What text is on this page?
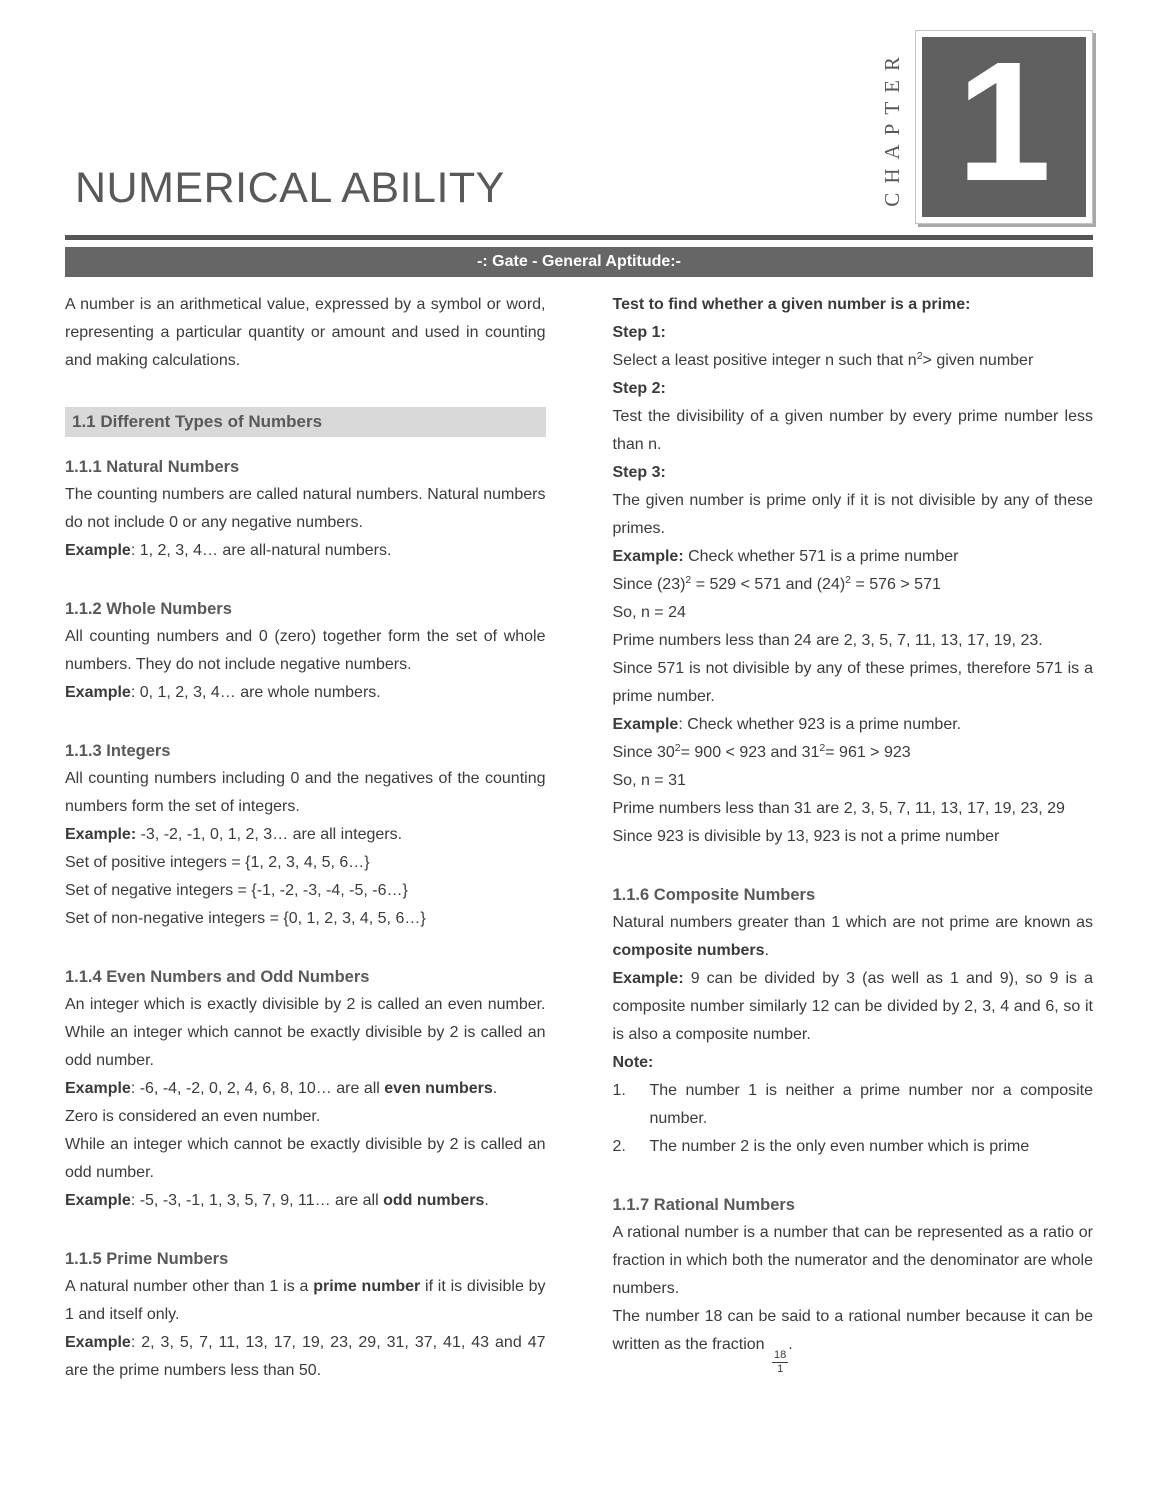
NUMERICAL ABILITY	CHAPTER 1
-: Gate - General Aptitude:-

A number is an arithmetical value, expressed by a symbol or word, representing a particular quantity or amount and used in counting and making calculations.

1.1 Different Types of Numbers
1.1.1 Natural Numbers

The counting numbers are called natural numbers. Natural numbers do not include 0 or any negative numbers.

Example: 1, 2, 3, 4… are all-natural numbers.

1.1.2 Whole Numbers

All counting numbers and 0 (zero) together form the set of whole numbers. They do not include negative numbers.

Example: 0, 1, 2, 3, 4… are whole numbers.

1.1.3 Integers

All counting numbers including 0 and the negatives of the counting numbers form the set of integers.

Example: -3, -2, -1, 0, 1, 2, 3… are all integers.

Set of positive integers = {1, 2, 3, 4, 5, 6…}

Set of negative integers = {-1, -2, -3, -4, -5, -6…}

Set of non-negative integers = {0, 1, 2, 3, 4, 5, 6…}

1.1.4 Even Numbers and Odd Numbers

An integer which is exactly divisible by 2 is called an even number. While an integer which cannot be exactly divisible by 2 is called an odd number.

Example: -6, -4, -2, 0, 2, 4, 6, 8, 10… are all even numbers.

Zero is considered an even number.

While an integer which cannot be exactly divisible by 2 is called an odd number.

Example: -5, -3, -1, 1, 3, 5, 7, 9, 11… are all odd numbers.

1.1.5 Prime Numbers

A natural number other than 1 is a prime number if it is divisible by 1 and itself only.

Example: 2, 3, 5, 7, 11, 13, 17, 19, 23, 29, 31, 37, 41, 43 and 47 are the prime numbers less than 50.

Test to find whether a given number is a prime:

Step 1:

Select a least positive integer n such that $n^2>$ given number

Step 2:

Test the divisibility of a given number by every prime number less than n.

Step 3:

The given number is prime only if it is not divisible by any of these primes.

Example: Check whether 571 is a prime number

Since $(23)^2 = 529 < 571$ and $(24)^2 = 576 > 571$

So, n = 24

Prime numbers less than 24 are 2, 3, 5, 7, 11, 13, 17, 19, 23.

Since 571 is not divisible by any of these primes, therefore 571 is a prime number.

Example: Check whether 923 is a prime number.

Since $30^2= 900 < 923$ and $31^2= 961 > 923$

So, n = 31

Prime numbers less than 31 are 2, 3, 5, 7, 11, 13, 17, 19, 23, 29

Since 923 is divisible by 13, 923 is not a prime number

1.1.6 Composite Numbers

Natural numbers greater than 1 which are not prime are known as composite numbers.

Example: 9 can be divided by 3 (as well as 1 and 9), so 9 is a composite number similarly 12 can be divided by 2, 3, 4 and 6, so it is also a composite number.

Note:

1.	The number 1 is neither a prime number nor a composite number.
2.	The number 2 is the only even number which is prime
1.1.7 Rational Numbers

A rational number is a number that can be represented as a ratio or fraction in which both the numerator and the denominator are whole numbers.

The number 18 can be said to a rational number because it can be written as the fraction
$\frac{18}{1}$
.
